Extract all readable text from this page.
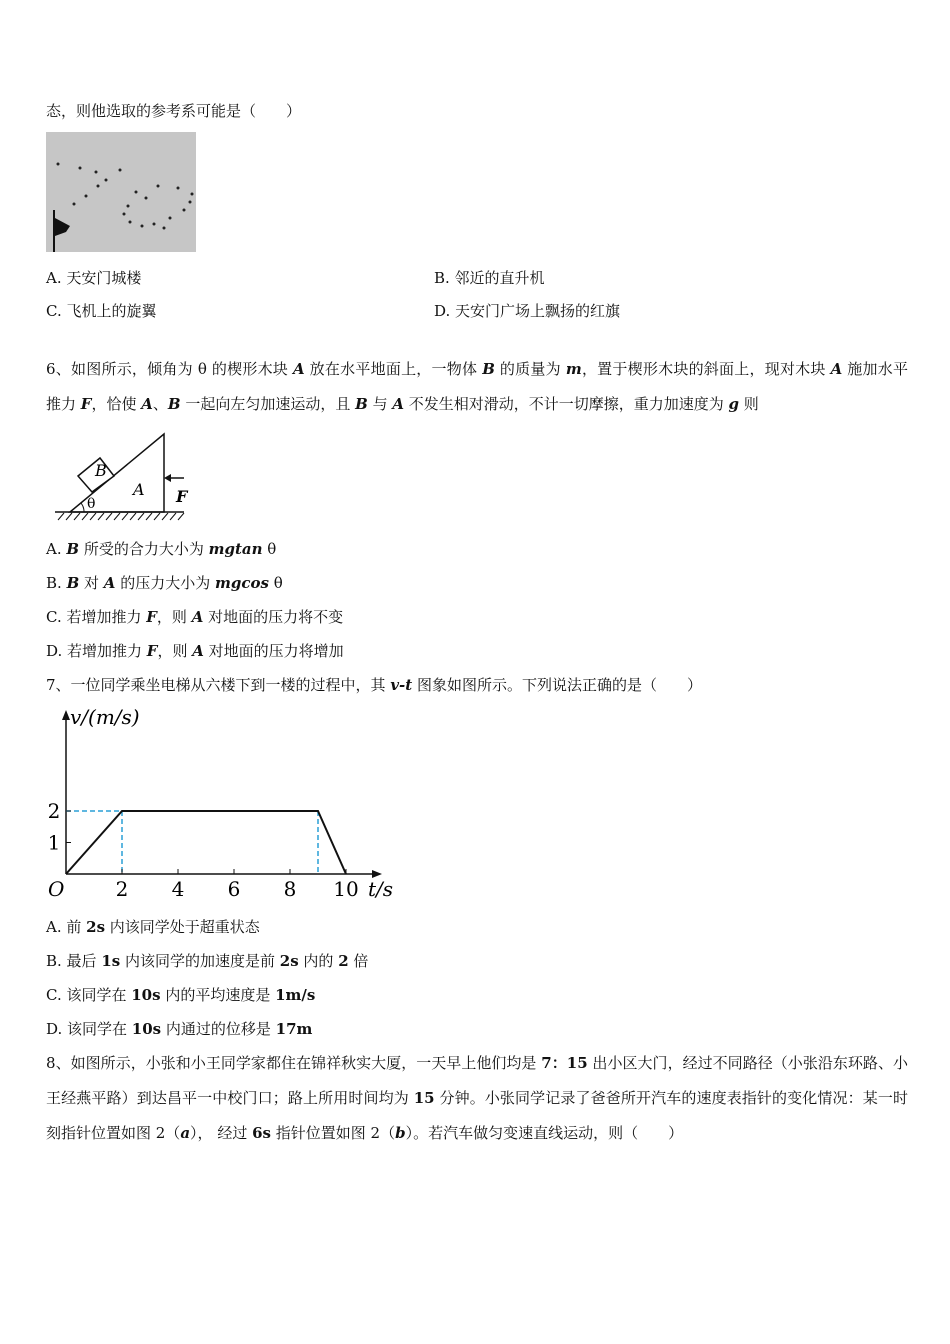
态，则他选取的参考系可能是（　　）
A. 天安门城楼	B. 邻近的直升机
C. 飞机上的旋翼	D. 天安门广场上飘扬的红旗
6、如图所示，倾角为 θ 的楔形木块 A 放在水平地面上，一物体 B 的质量为 m，置于楔形木块的斜面上，现对木块 A 施加水平推力 F，恰使 A、B 一起向左匀加速运动，且 B 与 A 不发生相对滑动，不计一切摩擦，重力加速度为 g 则
B
A
θ	F
A. B 所受的合力大小为 mgtan θ
B. B 对 A 的压力大小为 mgcos θ
C. 若增加推力 F，则 A 对地面的压力将不变
D. 若增加推力 F，则 A 对地面的压力将增加
7、一位同学乘坐电梯从六楼下到一楼的过程中，其 v-t 图象如图所示。下列说法正确的是（　　）
v/(m/s)
t/s
O	2 4 6 8 10
1
2
A. 前 2s 内该同学处于超重状态
B. 最后 1s 内该同学的加速度是前 2s 内的 2 倍
C. 该同学在 10s 内的平均速度是 1m/s
D. 该同学在 10s 内通过的位移是 17m
8、如图所示，小张和小王同学家都住在锦祥秋实大厦，一天早上他们均是 7：15 出小区大门，经过不同路径（小张沿东环路、小王经燕平路）到达昌平一中校门口；路上所用时间均为 15 分钟。小张同学记录了爸爸所开汽车的速度表指针的变化情况：某一时刻指针位置如图 2（a）， 经过 6s 指针位置如图 2（b）。若汽车做匀变速直线运动，则（　　）
